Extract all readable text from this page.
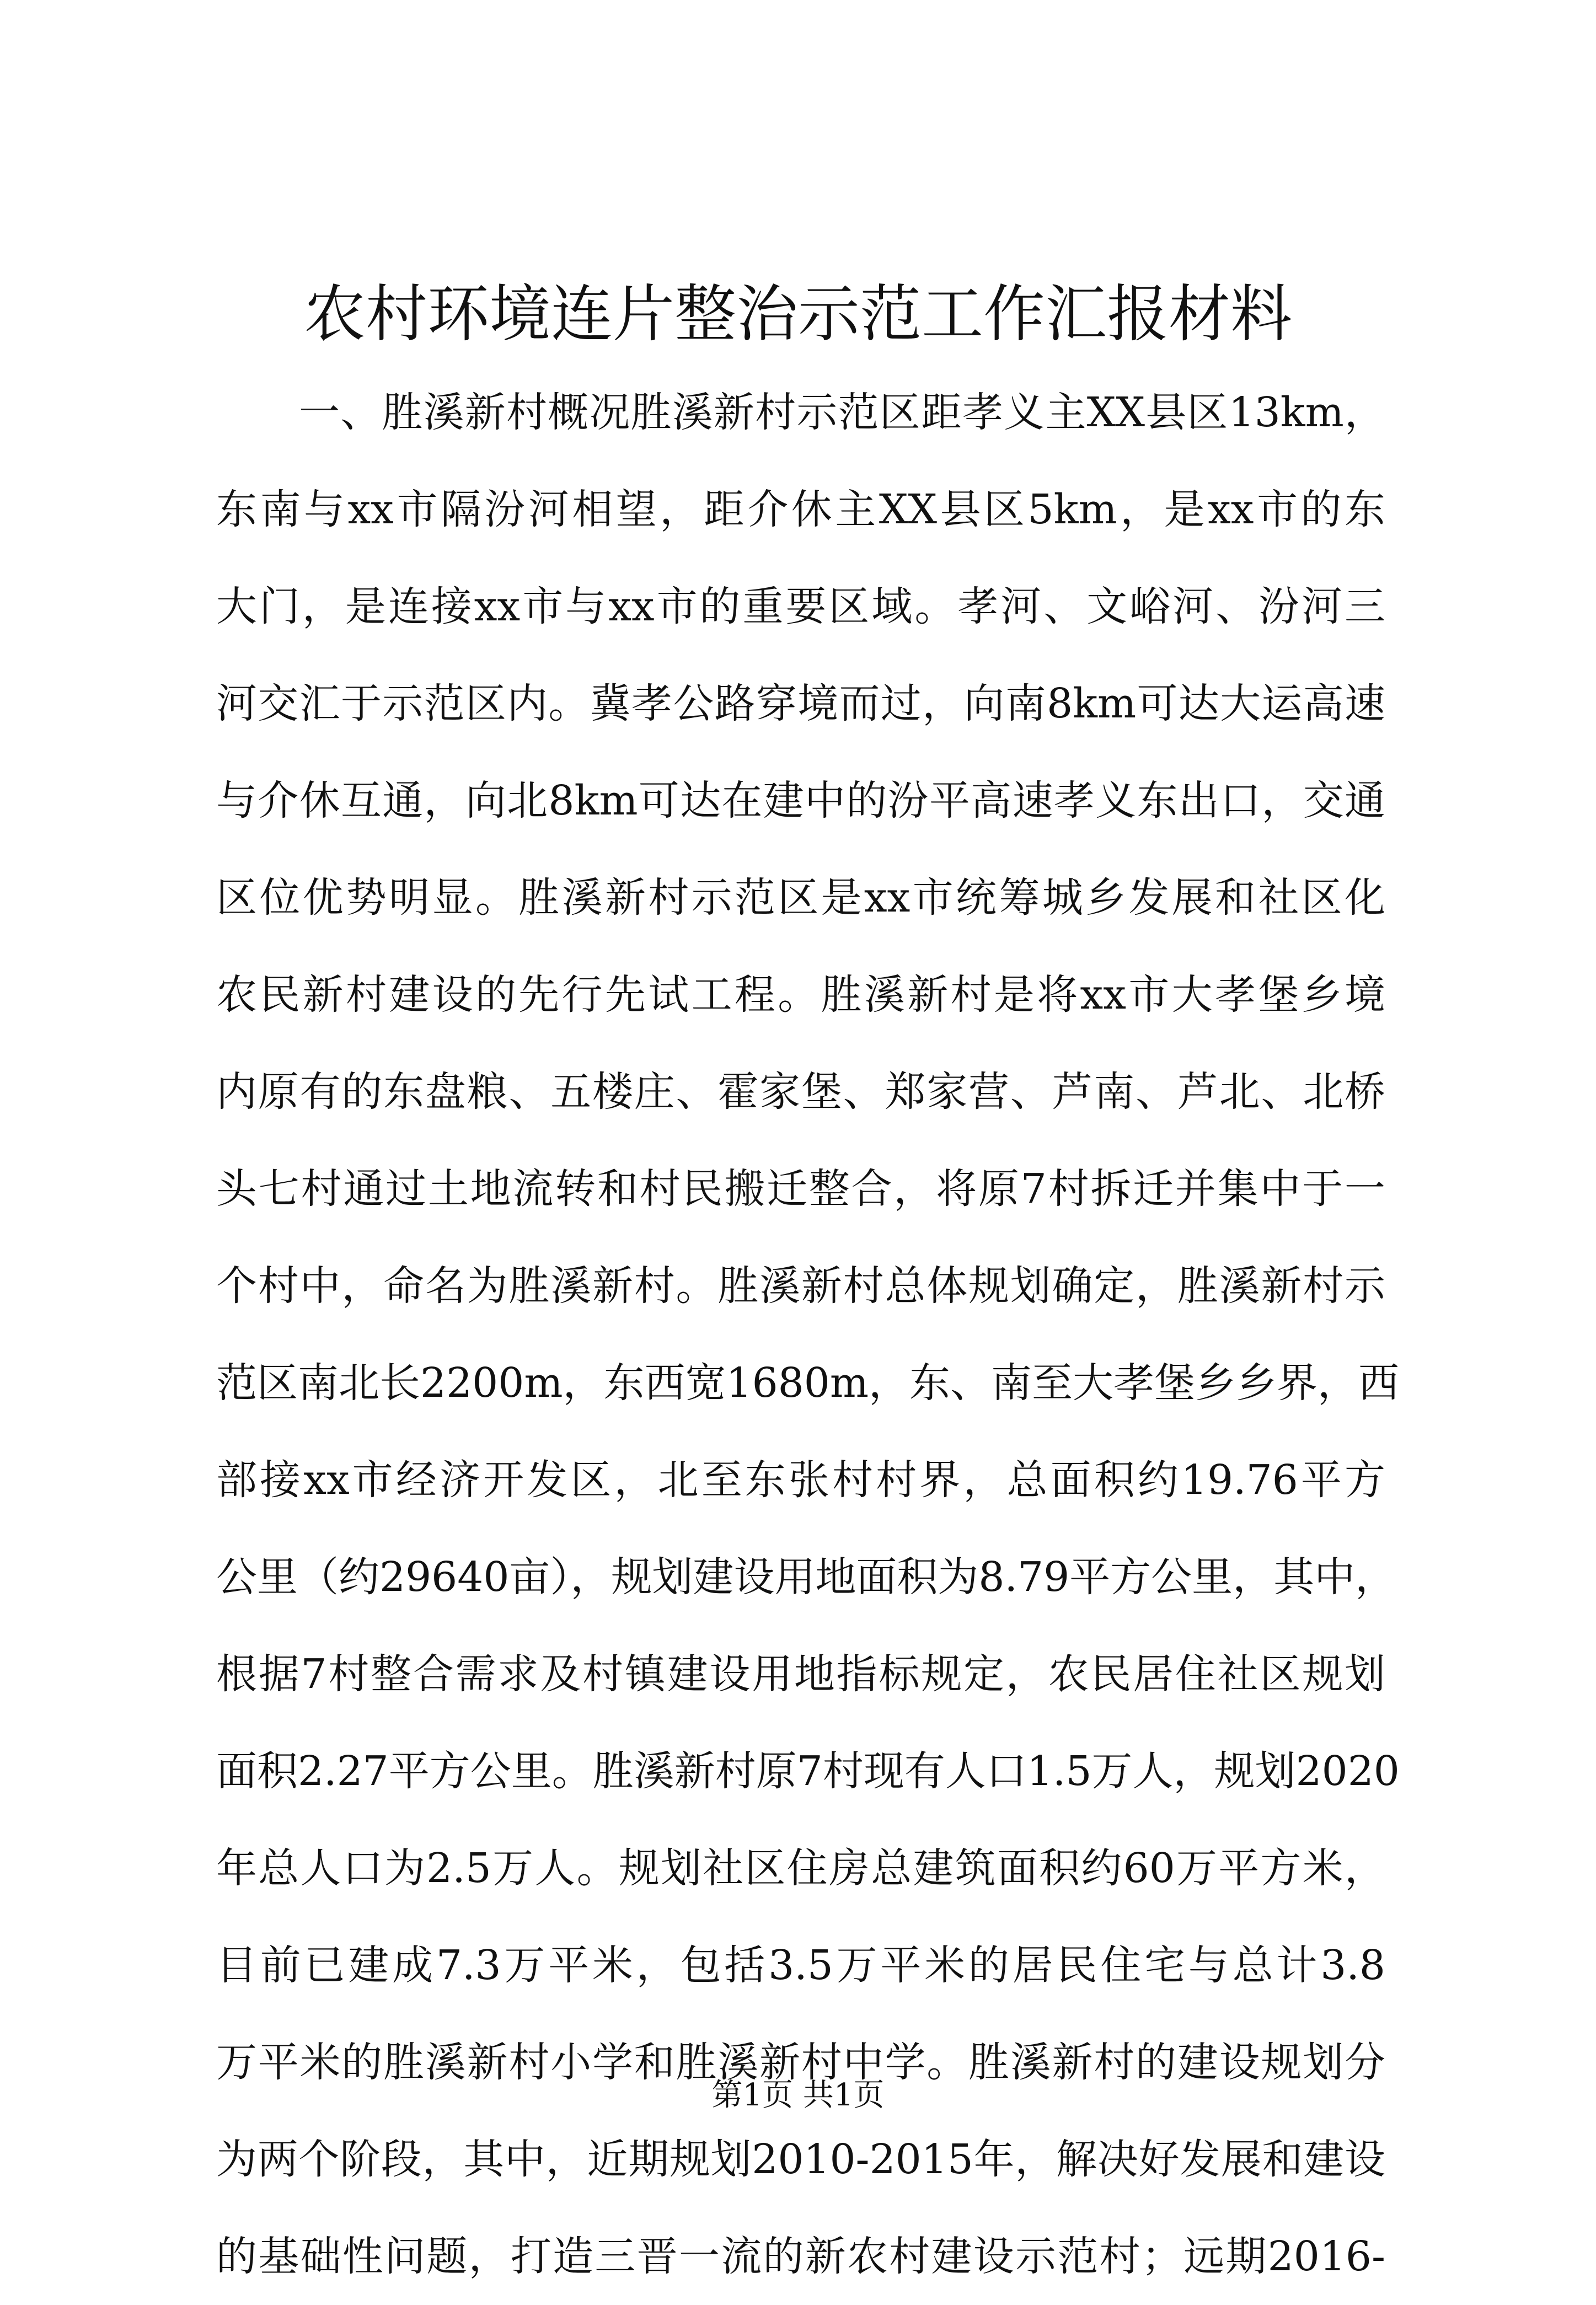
农村环境连片整治示范工作汇报材料
一、胜溪新村概况胜溪新村示范区距孝义主XX县区13km，
东南与xx市隔汾河相望，距介休主XX县区5km，是xx市的东
大门，是连接xx市与xx市的重要区域。孝河、文峪河、汾河三
河交汇于示范区内。冀孝公路穿境而过，向南8km可达大运高速
与介休互通，向北8km可达在建中的汾平高速孝义东出口，交通
区位优势明显。胜溪新村示范区是xx市统筹城乡发展和社区化
农民新村建设的先行先试工程。胜溪新村是将xx市大孝堡乡境
内原有的东盘粮、五楼庄、霍家堡、郑家营、芦南、芦北、北桥
头七村通过土地流转和村民搬迁整合，将原7村拆迁并集中于一
个村中，命名为胜溪新村。胜溪新村总体规划确定，胜溪新村示
范区南北长2200m，东西宽1680m，东、南至大孝堡乡乡界，西
部接xx市经济开发区，北至东张村村界，总面积约19.76平方
公里（约29640亩），规划建设用地面积为8.79平方公里，其中，
根据7村整合需求及村镇建设用地指标规定，农民居住社区规划
面积2.27平方公里。胜溪新村原7村现有人口1.5万人，规划2020
年总人口为2.5万人。规划社区住房总建筑面积约60万平方米，
目前已建成7.3万平米，包括3.5万平米的居民住宅与总计3.8
万平米的胜溪新村小学和胜溪新村中学。胜溪新村的建设规划分
为两个阶段，其中，近期规划2010-2015年，解决好发展和建设
的基础性问题，打造三晋一流的新农村建设示范村；远期2016-
第1页 共1页
